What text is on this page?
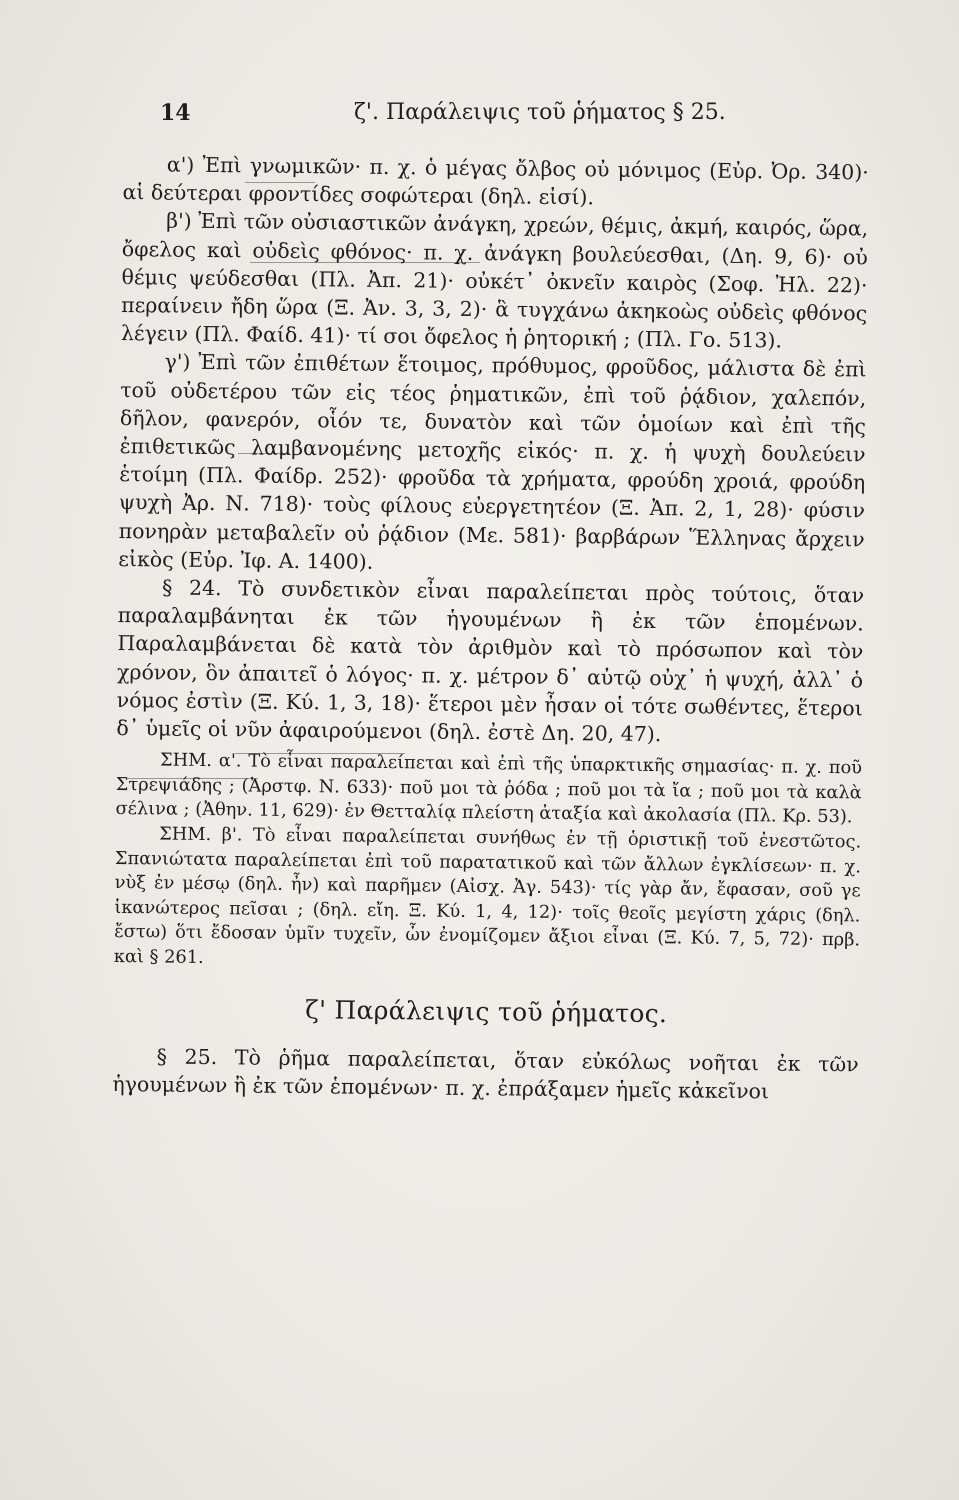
14	ζ'. Παράλειψις τοῦ ῥήματος § 25.

α') Ἐπὶ γνωμικῶν· π. χ. ὁ μέγας ὄλβος οὐ μόνιμος (Εὐρ. Ὀρ. 340)· αἱ δεύτεραι φροντίδες σοφώτεραι (δηλ. εἰσί).

β') Ἐπὶ τῶν οὐσιαστικῶν ἀνάγκη, χρεών, θέμις, ἀκμή, καιρός, ὥρα, ὄφελος καὶ οὐδεὶς φθόνος· π. χ. ἀνάγκη βουλεύεσθαι, (Δη. 9, 6)· οὐ θέμις ψεύδεσθαι (Πλ. Ἀπ. 21)· οὐκέτ᾽ ὀκνεῖν καιρὸς (Σοφ. Ἠλ. 22)· περαίνειν ἤδη ὥρα (Ξ. Ἀν. 3, 3, 2)· ἃ τυγχάνω ἀκηκοὼς οὐδεὶς φθόνος λέγειν (Πλ. Φαίδ. 41)· τί σοι ὄφελος ἡ ῥητορική ; (Πλ. Γο. 513).

γ') Ἐπὶ τῶν ἐπιθέτων ἕτοιμος, πρόθυμος, φροῦδος, μάλιστα δὲ ἐπὶ τοῦ οὐδετέρου τῶν εἰς τέος ῥηματικῶν, ἐπὶ τοῦ ῥᾴδιον, χαλεπόν, δῆλον, φανερόν, οἷόν τε, δυνατὸν καὶ τῶν ὁμοίων καὶ ἐπὶ τῆς ἐπιθετικῶς λαμβανομένης μετοχῆς εἰκός· π. χ. ἡ ψυχὴ δουλεύειν ἑτοίμη (Πλ. Φαίδρ. 252)· φροῦδα τὰ χρήματα, φρούδη χροιά, φρούδη ψυχὴ Ἀρ. Ν. 718)· τοὺς φίλους εὐεργετητέον (Ξ. Ἀπ. 2, 1, 28)· φύσιν πονηρὰν μεταβαλεῖν οὐ ῥᾴδιον (Με. 581)· βαρβάρων Ἕλληνας ἄρχειν εἰκὸς (Εὐρ. Ἰφ. Α. 1400).

§ 24. Τὸ συνδετικὸν εἶναι παραλείπεται πρὸς τούτοις, ὅταν παραλαμβάνηται ἐκ τῶν ἡγουμένων ἢ ἐκ τῶν ἑπομένων. Παραλαμβάνεται δὲ κατὰ τὸν ἀριθμὸν καὶ τὸ πρόσωπον καὶ τὸν χρόνον, ὃν ἀπαιτεῖ ὁ λόγος· π. χ. μέτρον δ᾽ αὐτῷ οὐχ᾽ ἡ ψυχή, ἀλλ᾽ ὁ νόμος ἐστὶν (Ξ. Κύ. 1, 3, 18)· ἕτεροι μὲν ἦσαν οἱ τότε σωθέντες, ἕτεροι δ᾽ ὑμεῖς οἱ νῦν ἀφαιρούμενοι (δηλ. ἐστὲ Δη. 20, 47).

ΣΗΜ. α'. Τὸ εἶναι παραλείπεται καὶ ἐπὶ τῆς ὑπαρκτικῆς σημασίας· π. χ. ποῦ Στρεψιάδης ; (Ἀρστφ. Ν. 633)· ποῦ μοι τὰ ῥόδα ; ποῦ μοι τὰ ἴα ; ποῦ μοι τὰ καλὰ σέλινα ; (Ἀθην. 11, 629)· ἐν Θετταλίᾳ πλείστη ἀταξία καὶ ἀκολασία (Πλ. Κρ. 53).

ΣΗΜ. β'. Τὸ εἶναι παραλείπεται συνήθως ἐν τῇ ὁριστικῇ τοῦ ἐνεστῶτος. Σπανιώτατα παραλείπεται ἐπὶ τοῦ παρατατικοῦ καὶ τῶν ἄλλων ἐγκλίσεων· π. χ. νὺξ ἐν μέσῳ (δηλ. ἦν) καὶ παρῆμεν (Αἰσχ. Ἀγ. 543)· τίς γὰρ ἄν, ἔφασαν, σοῦ γε ἱκανώτερος πεῖσαι ; (δηλ. εἴη. Ξ. Κύ. 1, 4, 12)· τοῖς θεοῖς μεγίστη χάρις (δηλ. ἔστω) ὅτι ἔδοσαν ὑμῖν τυχεῖν, ὧν ἐνομίζομεν ἄξιοι εἶναι (Ξ. Κύ. 7, 5, 72)· πρβ. καὶ § 261.

ζ' Παράλειψις τοῦ ῥήματος.

§ 25. Τὸ ῥῆμα παραλείπεται, ὅταν εὐκόλως νοῆται ἐκ τῶν ἡγουμένων ἢ ἐκ τῶν ἑπομένων· π. χ. ἐπράξαμεν ἡμεῖς κἀκεῖνοι
